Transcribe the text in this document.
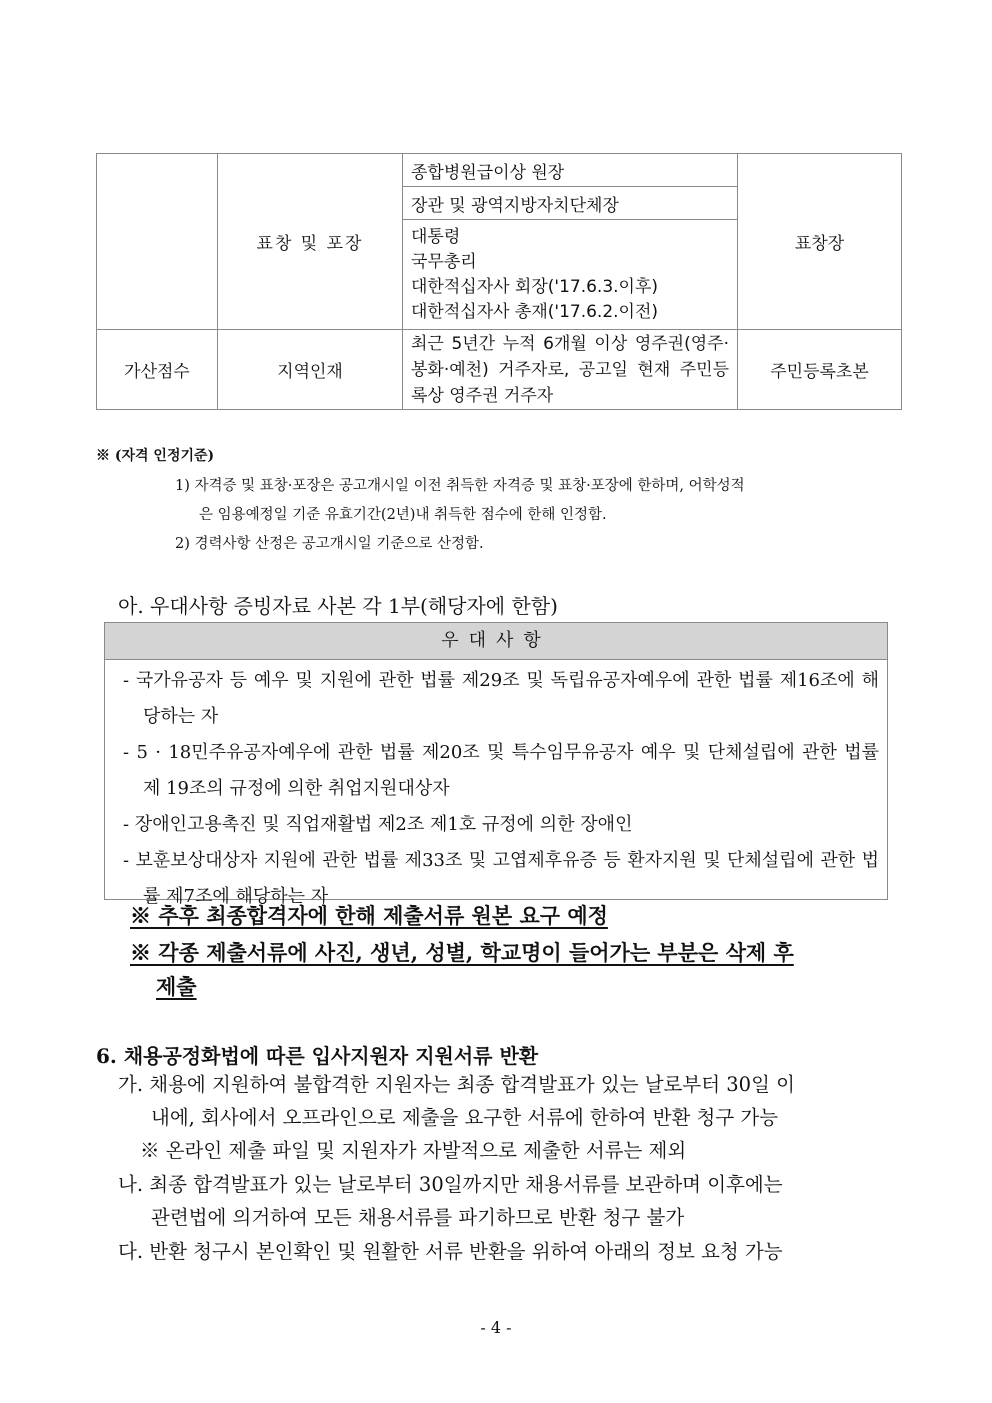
	표창 및 포장	종합병원급이상 원장	표창장
		장관 및 광역지방자치단체장	

		대통령
국무총리
대한적십자사 회장('17.6.3.이후)
대한적십자사 총재('17.6.2.이전)	

가산점수	지역인재	최근 5년간 누적 6개월 이상 영주권(영주·봉화·예천) 거주자로, 공고일 현재 주민등록상 영주권 거주자	주민등록초본
※ (자격 인정기준)
1) 자격증 및 표창·포장은 공고개시일 이전 취득한 자격증 및 표창·포장에 한하며, 어학성적
은 임용예정일 기준 유효기간(2년)내 취득한 점수에 한해 인정함.
2) 경력사항 산정은 공고개시일 기준으로 산정함.
아. 우대사항 증빙자료 사본 각 1부(해당자에 한함)
우대사항
- 국가유공자 등 예우 및 지원에 관한 법률 제29조 및 독립유공자예우에 관한 법률 제16조에 해당하는 자
- 5 · 18민주유공자예우에 관한 법률 제20조 및 특수임무유공자 예우 및 단체설립에 관한 법률 제 19조의 규정에 의한 취업지원대상자
- 장애인고용촉진 및 직업재활법 제2조 제1호 규정에 의한 장애인
- 보훈보상대상자 지원에 관한 법률 제33조 및 고엽제후유증 등 환자지원 및 단체설립에 관한 법률 제7조에 해당하는 자
※ 추후 최종합격자에 한해 제출서류 원본 요구 예정
※ 각종 제출서류에 사진, 생년, 성별, 학교명이 들어가는 부분은 삭제 후
제출
6. 채용공정화법에 따른 입사지원자 지원서류 반환
가. 채용에 지원하여 불합격한 지원자는 최종 합격발표가 있는 날로부터 30일 이
내에, 회사에서 오프라인으로 제출을 요구한 서류에 한하여 반환 청구 가능
※ 온라인 제출 파일 및 지원자가 자발적으로 제출한 서류는 제외
나. 최종 합격발표가 있는 날로부터 30일까지만 채용서류를 보관하며 이후에는
관련법에 의거하여 모든 채용서류를 파기하므로 반환 청구 불가
다. 반환 청구시 본인확인 및 원활한 서류 반환을 위하여 아래의 정보 요청 가능
- 4 -
